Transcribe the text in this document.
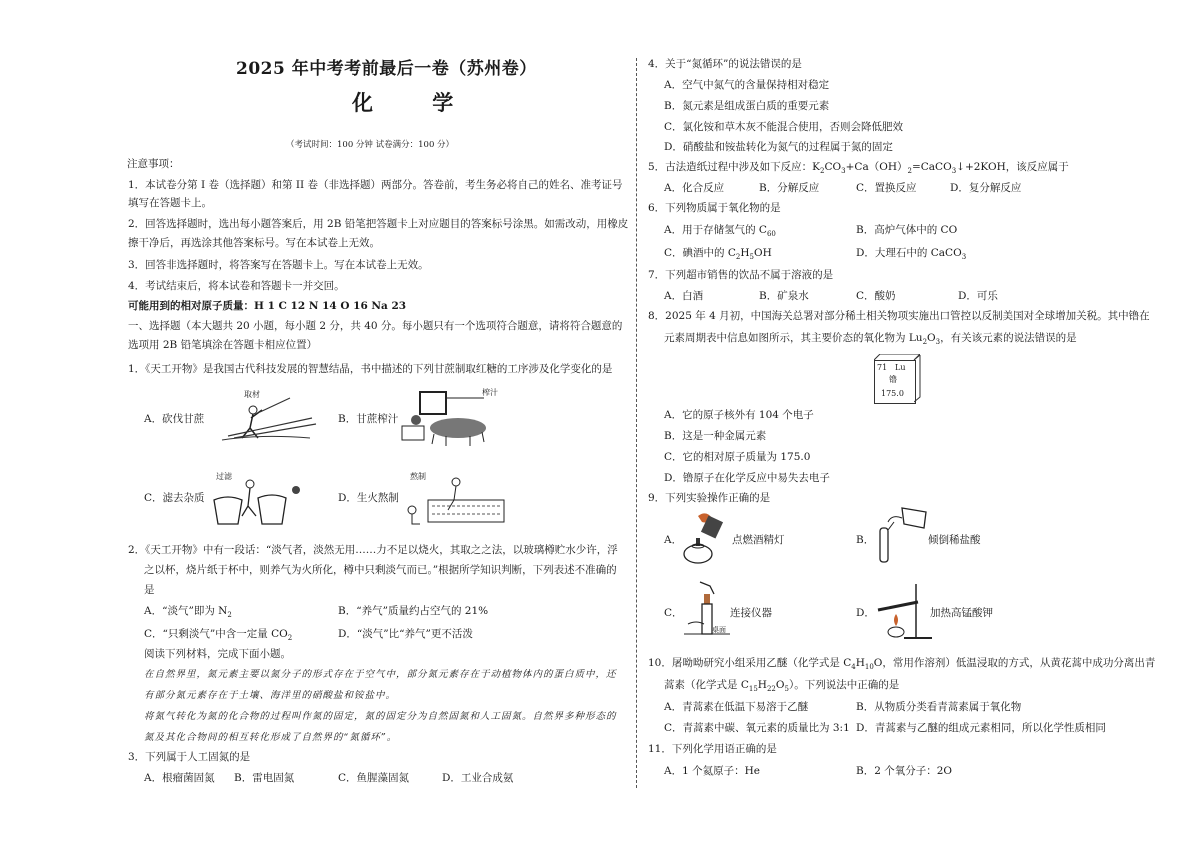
2025 年中考考前最后一卷（苏州卷）
化 学
（考试时间：100 分钟 试卷满分：100 分）
注意事项：
1．本试卷分第 I 卷（选择题）和第 II 卷（非选择题）两部分。答卷前，考生务必将自己的姓名、准考证号
填写在答题卡上。
2．回答选择题时，选出每小题答案后，用 2B 铅笔把答题卡上对应题目的答案标号涂黑。如需改动，用橡皮
擦干净后，再选涂其他答案标号。写在本试卷上无效。
3．回答非选择题时，将答案写在答题卡上。写在本试卷上无效。
4．考试结束后，将本试卷和答题卡一并交回。
可能用到的相对原子质量：H 1 C 12 N 14 O 16 Na 23
一、选择题（本大题共 20 小题，每小题 2 分，共 40 分。每小题只有一个选项符合题意，请将符合题意的
选项用 2B 铅笔填涂在答题卡相应位置）
1．《天工开物》是我国古代科技发展的智慧结晶，书中描述的下列甘蔗制取红糖的工序涉及化学变化的是
A．砍伐甘蔗	B．甘蔗榨汁
C．滤去杂质	D．生火熬制
取材	榨汁
过滤	熬制
2．《天工开物》中有一段话：“淡气者，淡然无用……力不足以烧火，其取之之法，以玻璃樽贮水少许，浮
之以杯，烧片纸于杯中，则养气为火所化，樽中只剩淡气而已。”根据所学知识判断，下列表述不准确的
是
A．“淡气”即为 $N_2$	B．“养气”质量约占空气的 21%
C．“只剩淡气”中含一定量 $CO_2$	D．“淡气”比“养气”更不活泼
阅读下列材料，完成下面小题。
在自然界里，氮元素主要以氮分子的形式存在于空气中，部分氮元素存在于动植物体内的蛋白质中，还
有部分氮元素存在于土壤、海洋里的硝酸盐和铵盐中。
将氮气转化为氮的化合物的过程叫作氮的固定，氮的固定分为自然固氮和人工固氮。自然界多种形态的
氮及其化合物间的相互转化形成了自然界的“氮循环”。
3．下列属于人工固氮的是
A．根瘤菌固氮 B．雷电固氮	C．鱼腥藻固氮	D．工业合成氨
4．关于“氮循环”的说法错误的是
A．空气中氮气的含量保持相对稳定
B．氮元素是组成蛋白质的重要元素
C．氯化铵和草木灰不能混合使用，否则会降低肥效
D．硝酸盐和铵盐转化为氮气的过程属于氮的固定
5．古法造纸过程中涉及如下反应：$K_2CO_3+Ca(OH)_2=CaCO_3↓+2KOH$，该反应属于
A．化合反应	B．分解反应	C．置换反应	D．复分解反应
6．下列物质属于氧化物的是
A．用于存储氢气的 $C_{60}$	B．高炉气体中的 CO
C．碘酒中的 $C_2H_5OH$	D．大理石中的 CaCO$_3$
7．下列超市销售的饮品不属于溶液的是
A．白酒	B．矿泉水	C．酸奶	D．可乐
8．2025 年 4 月初，中国海关总署对部分稀土相关物项实施出口管控以反制美国对全球增加关税。其中镥在
元素周期表中信息如图所示，其主要价态的氧化物为 $Lu_2O_3$，有关该元素的说法错误的是
71 Lu
镥
175.0
A．它的原子核外有 104 个电子
B．这是一种金属元素
C．它的相对原子质量为 175.0
D．镥原子在化学反应中易失去电子
9．下列实验操作正确的是
A．	点燃酒精灯	B．	倾倒稀盐酸
C．	连接仪器	D．	加热高锰酸钾
桌面
10．屠呦呦研究小组采用乙醚（化学式是 $C_4H_{10}O$，常用作溶剂）低温浸取的方式，从黄花蒿中成功分离出青
蒿素（化学式是 $C_{15}H_{22}O_5$）。下列说法中正确的是
A．青蒿素在低温下易溶于乙醚	B．从物质分类看青蒿素属于氧化物
C．青蒿素中碳、氧元素的质量比为 3:1 D．青蒿素与乙醚的组成元素相同，所以化学性质相同
11．下列化学用语正确的是
A．1 个氦原子：He	B．2 个氧分子：2O
